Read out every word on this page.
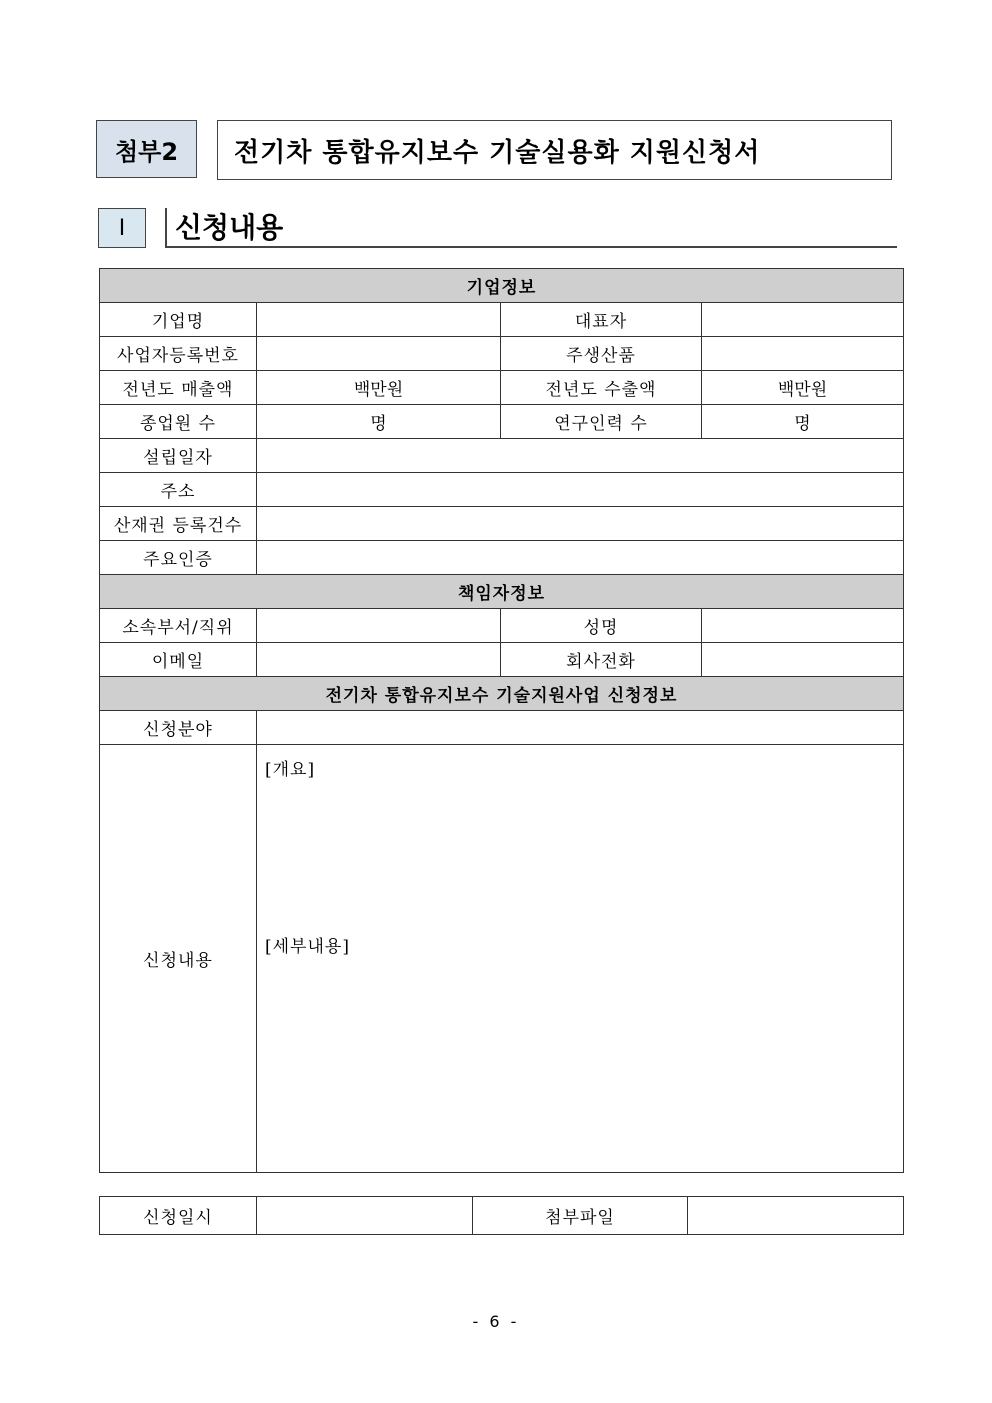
첨부2	전기차 통합유지보수 기술실용화 지원신청서
Ⅰ	신청내용
기업정보			
기업명		대표자	
사업자등록번호		주생산품	
전년도 매출액	백만원	전년도 수출액	백만원
종업원 수	명	연구인력 수	명
설립일자			
주소			
산재권 등록건수			
주요인증			
책임자정보			
소속부서/직위		성명	
이메일		회사전화	
전기차 통합유지보수 기술지원사업 신청정보			
신청분야			
신청내용	[개요]
[세부내용]		
신청일시		첨부파일	
- 6 -
